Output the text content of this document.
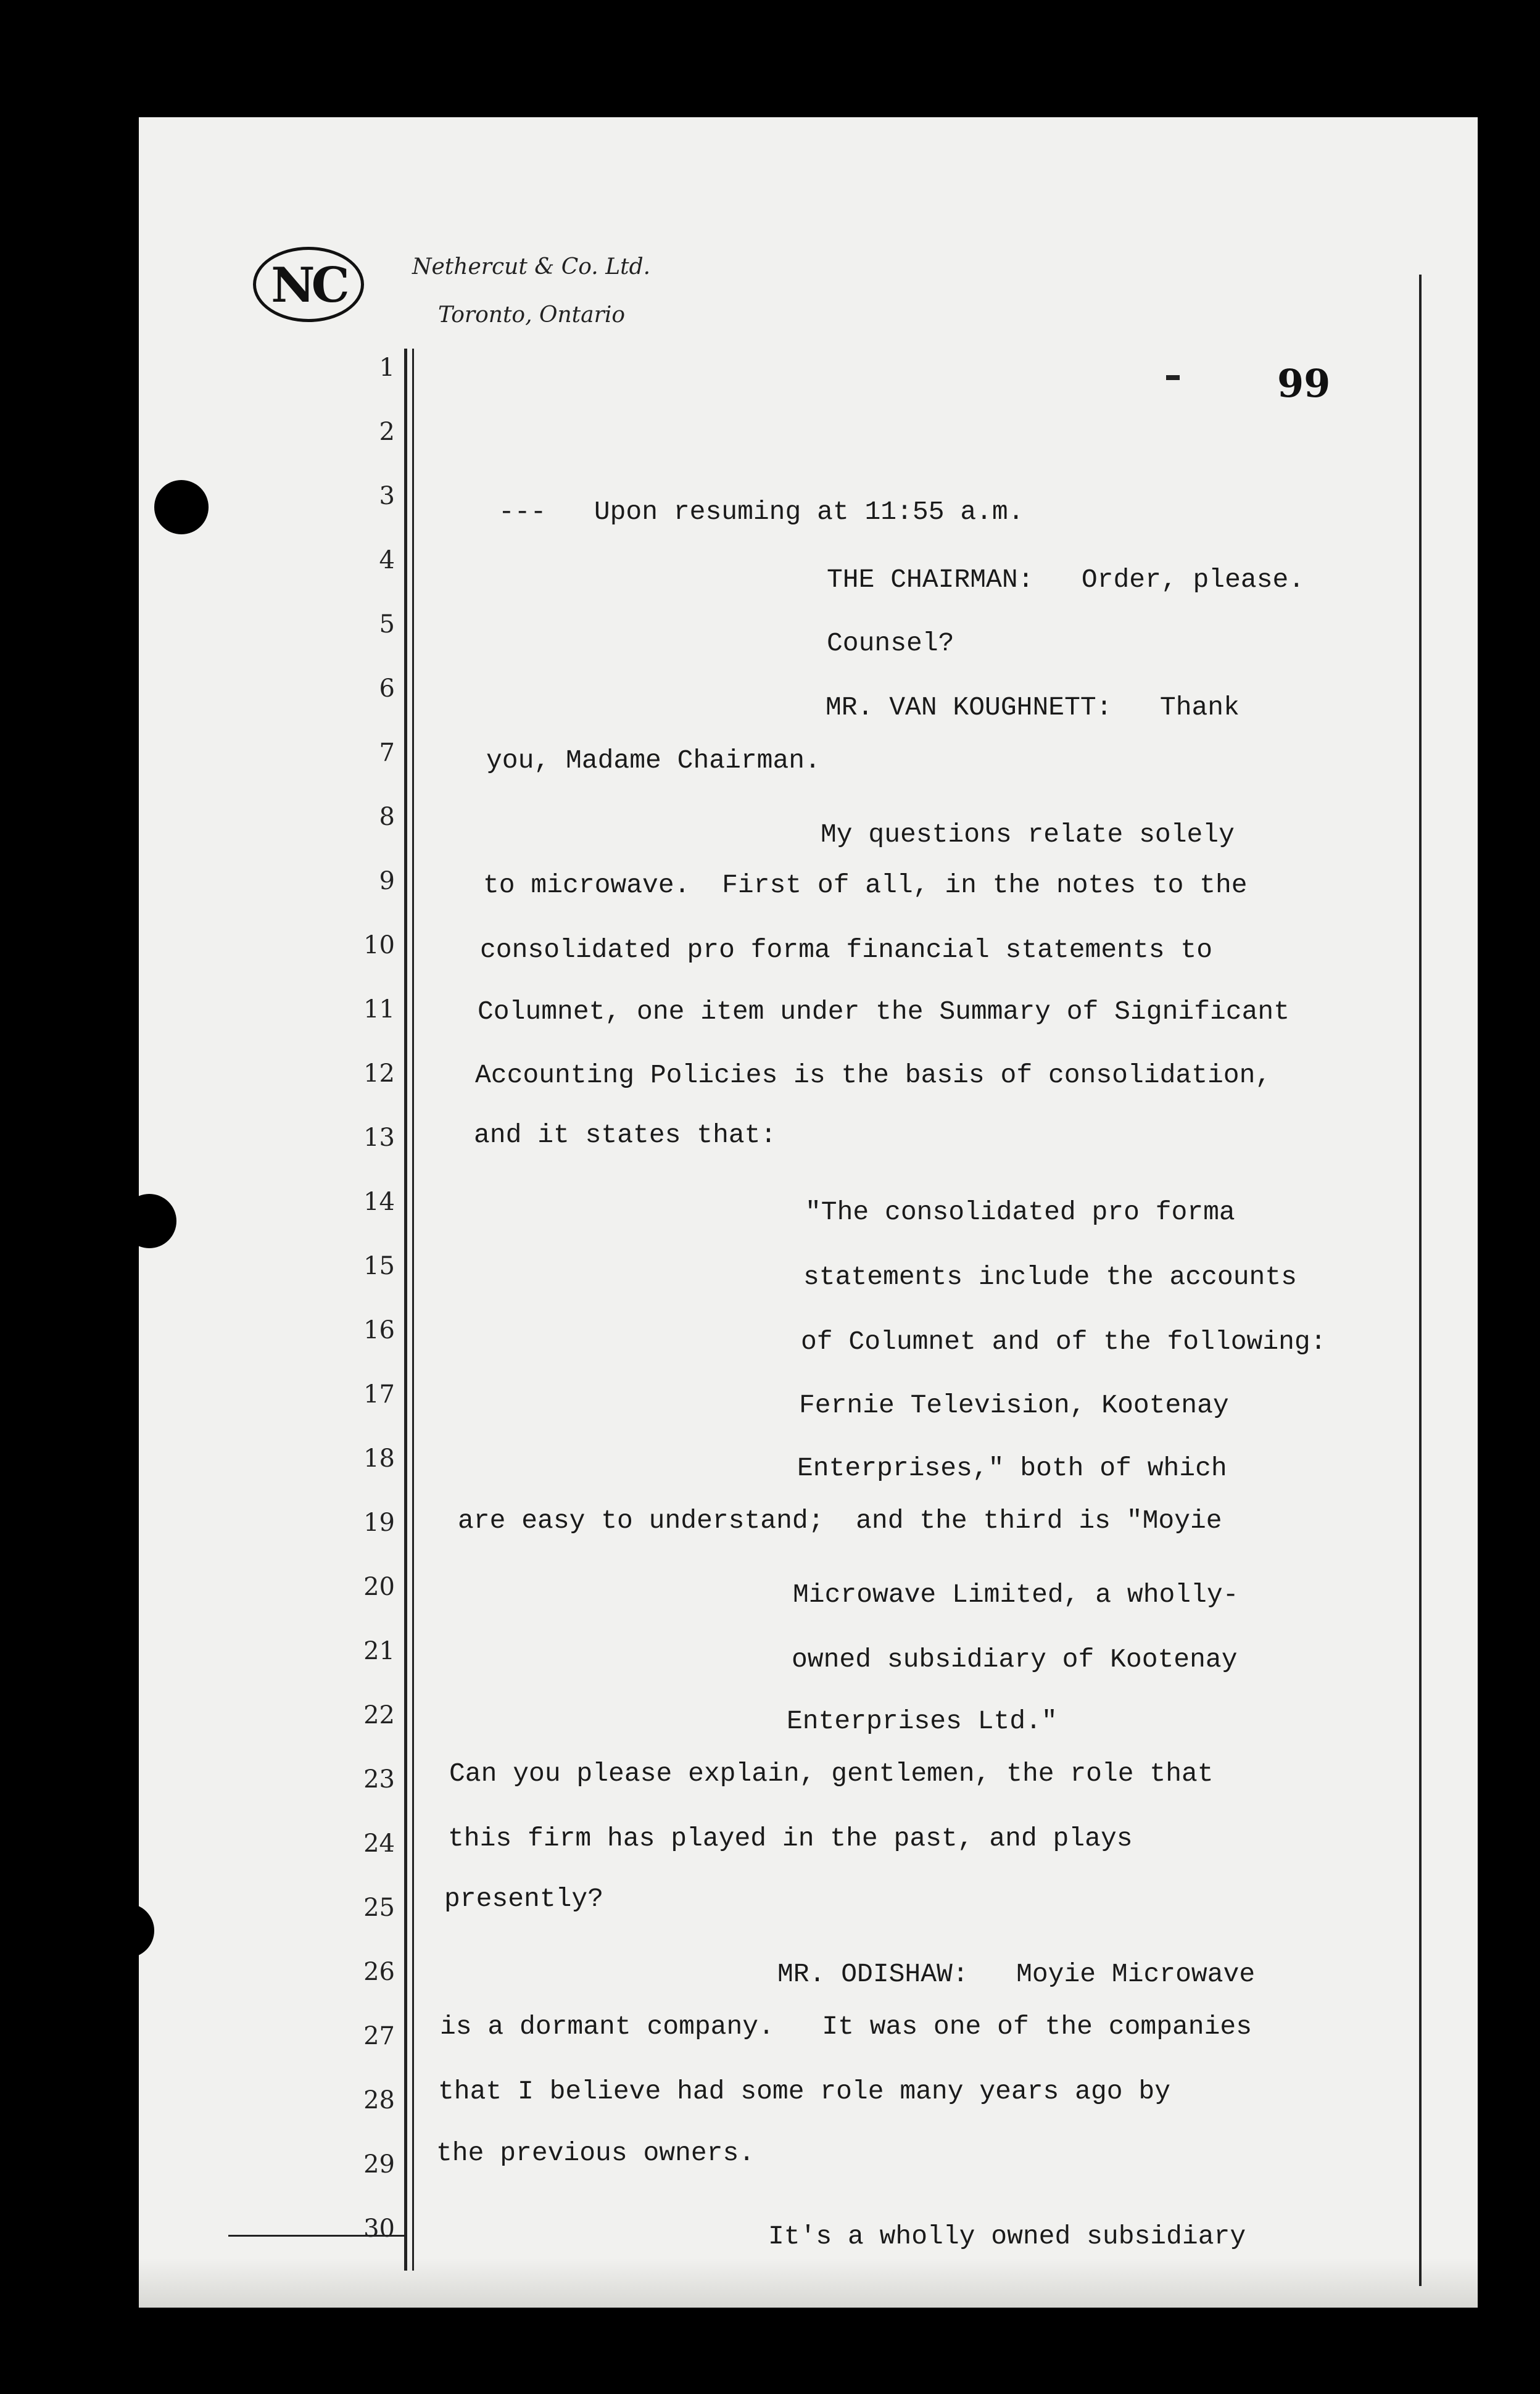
NC	Nethercut & Co. Ltd.
Toronto, Ontario
99
1
2
3
4
5
6
7
8
9
10
11
12
13
14
15
16
17
18
19
20
21
22
23
24
25
26
27
28
29
30
---   Upon resuming at 11:55 a.m.
THE CHAIRMAN:   Order, please.
Counsel?
MR. VAN KOUGHNETT:   Thank
you, Madame Chairman.
My questions relate solely
to microwave.  First of all, in the notes to the
consolidated pro forma financial statements to
Columnet, one item under the Summary of Significant
Accounting Policies is the basis of consolidation,
and it states that:
"The consolidated pro forma
statements include the accounts
of Columnet and of the following:
Fernie Television, Kootenay
Enterprises," both of which
are easy to understand;  and the third is "Moyie
Microwave Limited, a wholly-
owned subsidiary of Kootenay
Enterprises Ltd."
Can you please explain, gentlemen, the role that
this firm has played in the past, and plays
presently?
MR. ODISHAW:   Moyie Microwave
is a dormant company.   It was one of the companies
that I believe had some role many years ago by
the previous owners.
It's a wholly owned subsidiary
